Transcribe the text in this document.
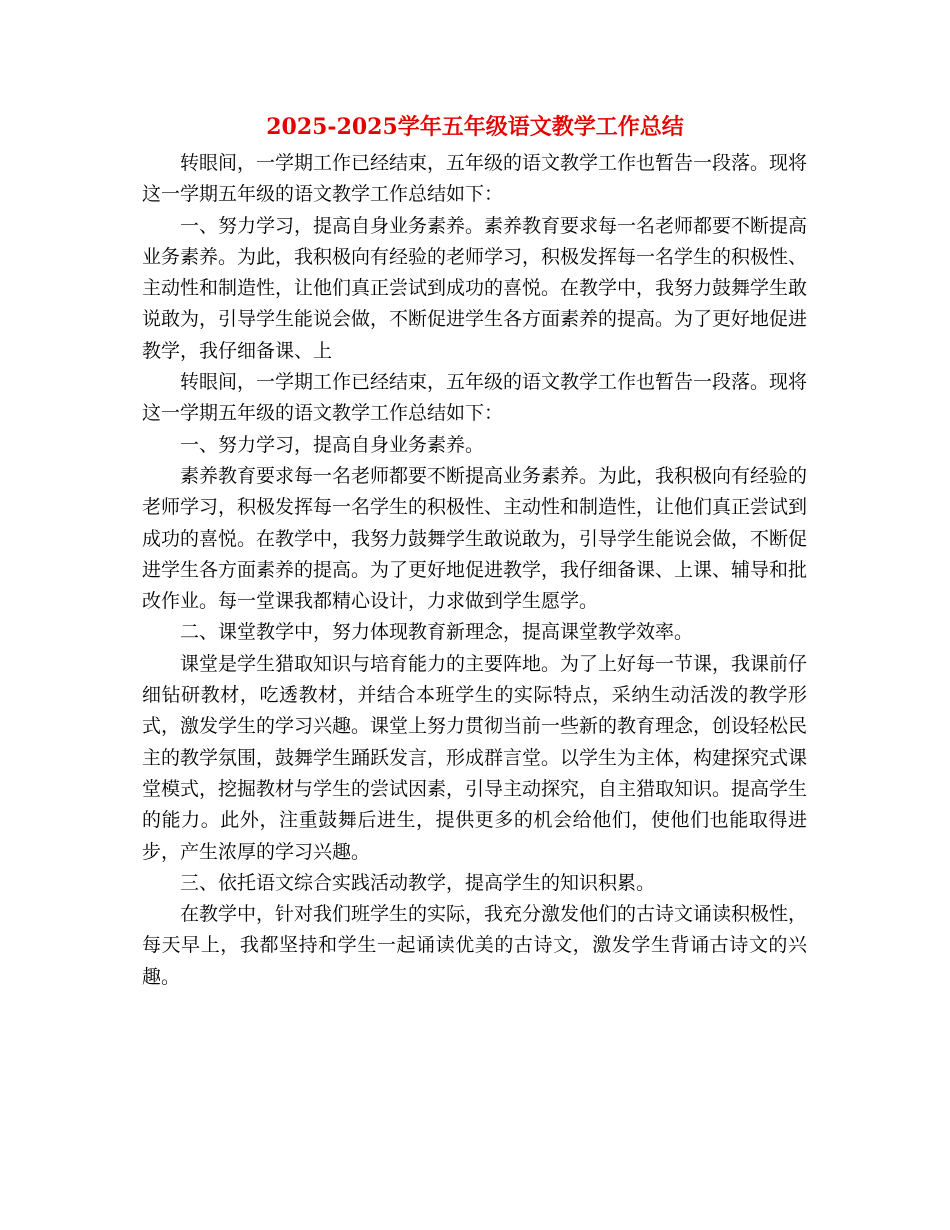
2025-2025学年五年级语文教学工作总结

转眼间，一学期工作已经结束，五年级的语文教学工作也暂告一段落。现将这一学期五年级的语文教学工作总结如下：

一、努力学习，提高自身业务素养。素养教育要求每一名老师都要不断提高业务素养。为此，我积极向有经验的老师学习，积极发挥每一名学生的积极性、主动性和制造性，让他们真正尝试到成功的喜悦。在教学中，我努力鼓舞学生敢说敢为，引导学生能说会做，不断促进学生各方面素养的提高。为了更好地促进教学，我仔细备课、上

转眼间，一学期工作已经结束，五年级的语文教学工作也暂告一段落。现将这一学期五年级的语文教学工作总结如下：

一、努力学习，提高自身业务素养。

素养教育要求每一名老师都要不断提高业务素养。为此，我积极向有经验的老师学习，积极发挥每一名学生的积极性、主动性和制造性，让他们真正尝试到成功的喜悦。在教学中，我努力鼓舞学生敢说敢为，引导学生能说会做，不断促进学生各方面素养的提高。为了更好地促进教学，我仔细备课、上课、辅导和批改作业。每一堂课我都精心设计，力求做到学生愿学。

二、课堂教学中，努力体现教育新理念，提高课堂教学效率。

课堂是学生猎取知识与培育能力的主要阵地。为了上好每一节课，我课前仔细钻研教材，吃透教材，并结合本班学生的实际特点，采纳生动活泼的教学形式，激发学生的学习兴趣。课堂上努力贯彻当前一些新的教育理念，创设轻松民主的教学氛围，鼓舞学生踊跃发言，形成群言堂。以学生为主体，构建探究式课堂模式，挖掘教材与学生的尝试因素，引导主动探究，自主猎取知识。提高学生的能力。此外，注重鼓舞后进生，提供更多的机会给他们，使他们也能取得进步，产生浓厚的学习兴趣。

三、依托语文综合实践活动教学，提高学生的知识积累。

在教学中，针对我们班学生的实际，我充分激发他们的古诗文诵读积极性，每天早上，我都坚持和学生一起诵读优美的古诗文，激发学生背诵古诗文的兴趣。
